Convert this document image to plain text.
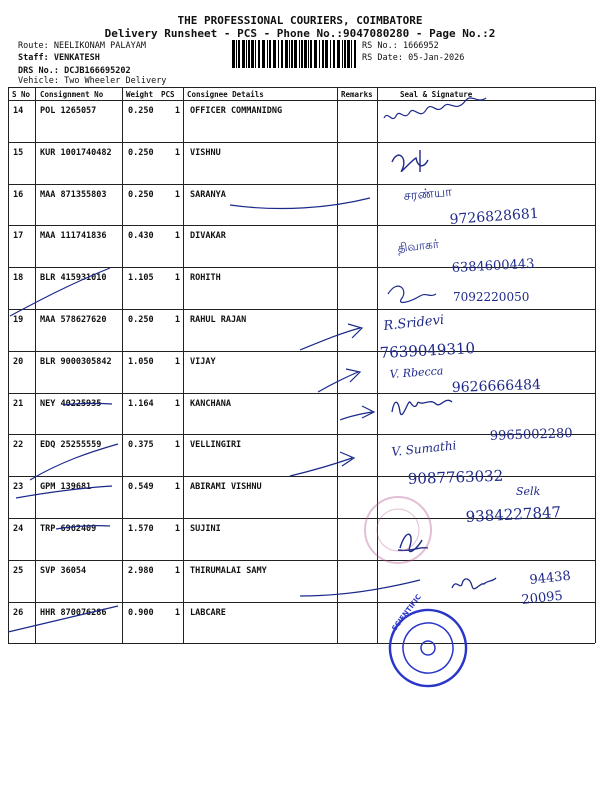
THE PROFESSIONAL COURIERS, COIMBATORE
Delivery Runsheet - PCS - Phone No.:9047080280 - Page No.:2
Route: NEELIKONAM PALAYAM
Staff: VENKATESH
DRS No.: DCJB166695202
Vehicle: Two Wheeler Delivery
RS No.: 1666952
RS Date: 05-Jan-2026
S No Consignment No	Weight PCS Consignee Details	Remarks	Seal & Signature
14 POL 1265057	0.250	1 OFFICER COMMANIDNG
15 KUR 1001740482 0.250	1 VISHNU
16 MAA 871355803	0.250	1 SARANYA
17 MAA 111741836	0.430	1 DIVAKAR
18 BLR 415931010	1.105	1 ROHITH
19 MAA 578627620	0.250	1 RAHUL RAJAN
20 BLR 9000305842 1.050	1 VIJAY
21 NEY 40225935	1.164	1 KANCHANA
22 EDQ 25255559	0.375	1 VELLINGIRI
23 GPM 139681	0.549	1 ABIRAMI VISHNU
24 TRP 6962409	1.570	1 SUJINI
25 SVP 36054	2.980	1 THIRUMALAI SAMY
26 HHR 870076286	0.900	1 LABCARE
சரண்யா
9726828681
திவாகர்
6384600443
7092220050
R.Sridevi
7639049310
V. Rbecca
9626666484
9965002280
V. Sumathi
9087763032
Selk
9384227847
94438
20095
SCIENTIFIC
